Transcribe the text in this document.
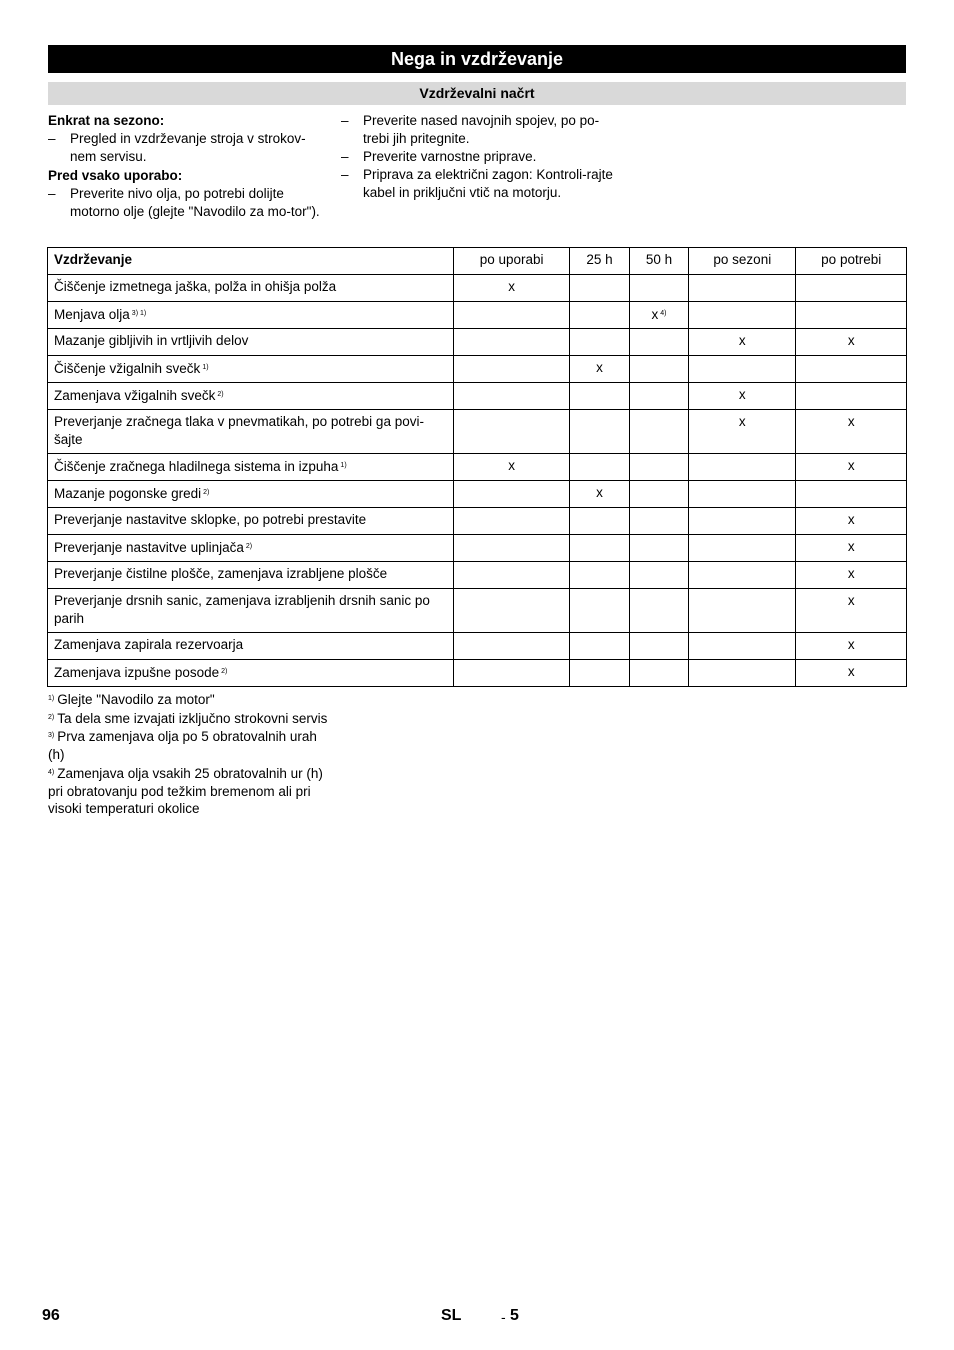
Nega in vzdrževanje
Vzdrževalni načrt
Enkrat na sezono:
– Pregled in vzdrževanje stroja v strokov-nem servisu.
Pred vsako uporabo:
– Preverite nivo olja, po potrebi dolijte motorno olje (glejte "Navodilo za mo-tor").
– Preverite nased navojnih spojev, po po-trebi jih pritegnite.
– Preverite varnostne priprave.
– Priprava za električni zagon: Kontroli-rajte kabel in priključni vtič na motorju.
Vzdrževanje	po uporabi	25 h	50 h	po sezoni	po potrebi
Čiščenje izmetnega jaška, polža in ohišja polža	x				
Menjava olja $^{3) 1)}$			x $^{4)}$		
Mazanje gibljivih in vrtljivih delov				x	x
Čiščenje vžigalnih svečk $^{1)}$		x			
Zamenjava vžigalnih svečk $^{2)}$				x	
Preverjanje zračnega tlaka v pnevmatikah, po potrebi ga povi-šajte				x	x
Čiščenje zračnega hladilnega sistema in izpuha $^{1)}$	x				x
Mazanje pogonske gredi $^{2)}$		x			
Preverjanje nastavitve sklopke, po potrebi prestavite					x
Preverjanje nastavitve uplinjača $^{2)}$					x
Preverjanje čistilne plošče, zamenjava izrabljene plošče					x
Preverjanje drsnih sanic, zamenjava izrabljenih drsnih sanic po parih					x
Zamenjava zapirala rezervoarja					x
Zamenjava izpušne posode $^{2)}$					x
$^{1)}$ Glejte "Navodilo za motor"
$^{2)}$ Ta dela sme izvajati izključno strokovni servis
$^{3)}$ Prva zamenjava olja po 5 obratovalnih urah (h)
$^{4)}$ Zamenjava olja vsakih 25 obratovalnih ur (h) pri obratovanju pod težkim bremenom ali pri visoki temperaturi okolice
96	SL	- 5
